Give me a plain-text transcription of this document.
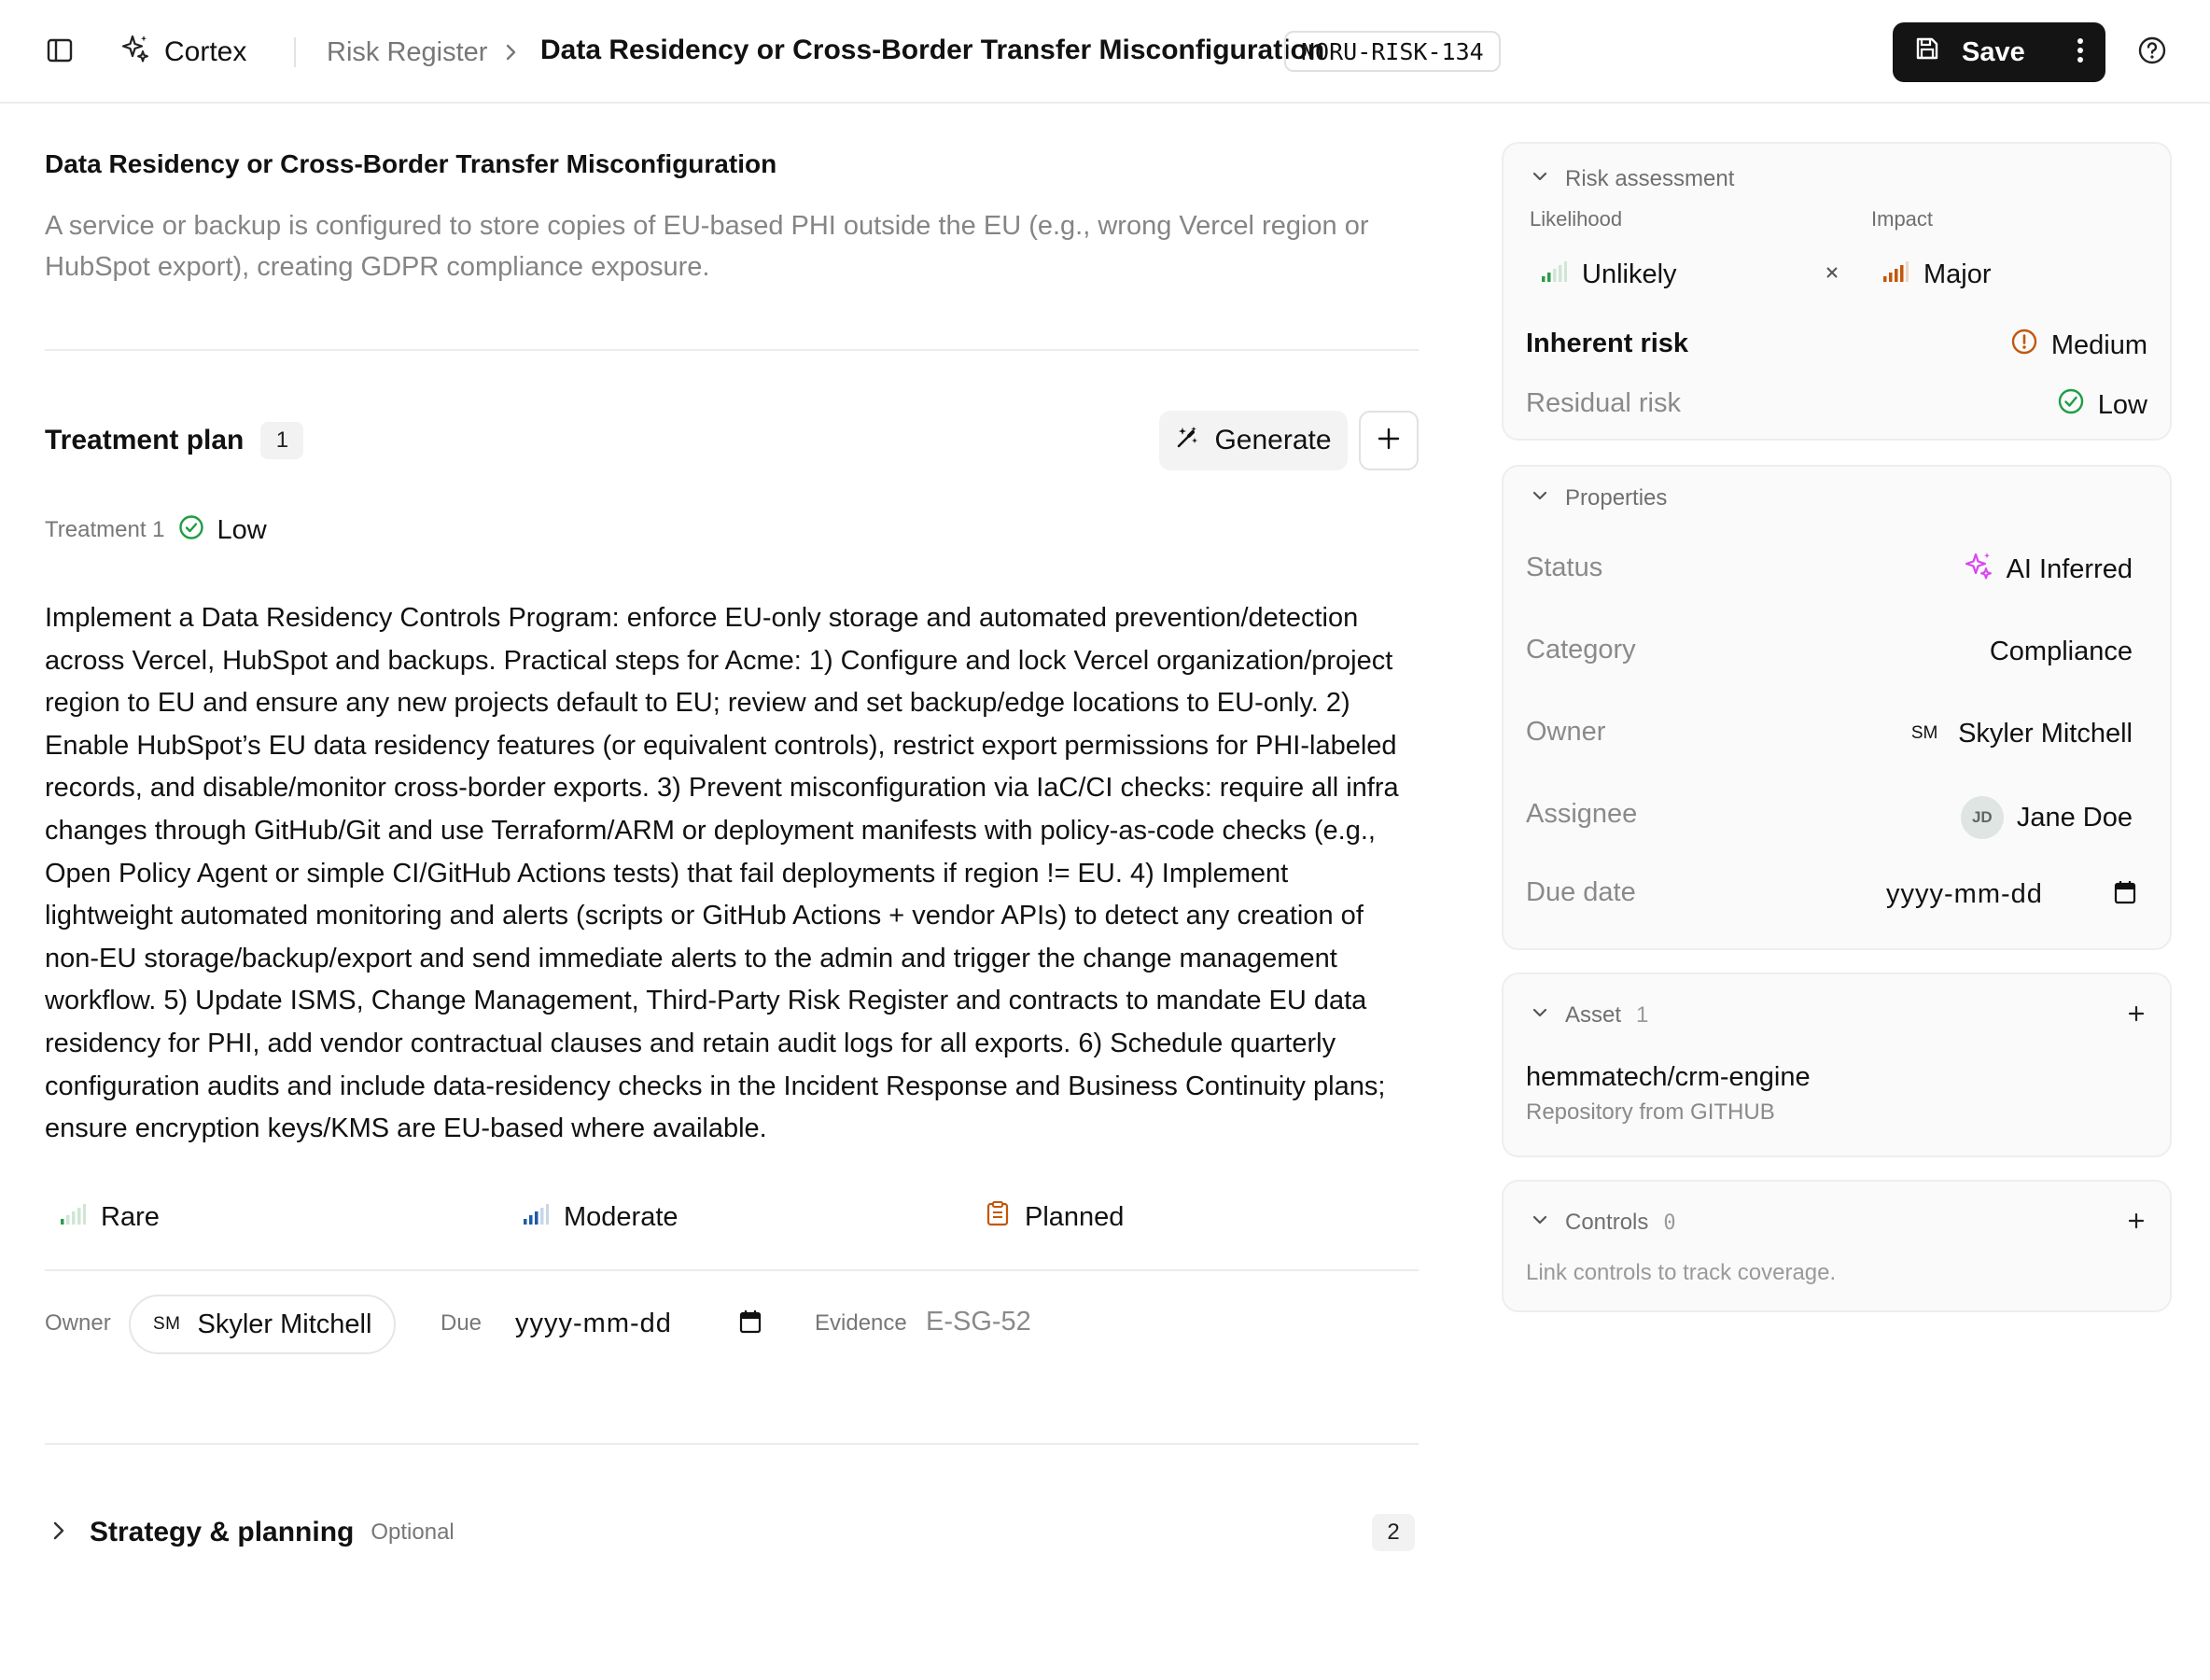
Cortex	Risk Register Data Residency or Cross-Border Transfer Misconfiguration
NORU-RISK-134	Save
Data Residency or Cross-Border Transfer Misconfiguration
A service or backup is configured to store copies of EU-based PHI outside the EU (e.g., wrong Vercel region or HubSpot export), creating GDPR compliance exposure.
Treatment plan	1	Generate
Treatment 1 Low
Implement a Data Residency Controls Program: enforce EU-only storage and automated prevention/detection across Vercel, HubSpot and backups. Practical steps for Acme: 1) Configure and lock Vercel organization/project region to EU and ensure any new projects default to EU; review and set backup/edge locations to EU-only. 2) Enable HubSpot’s EU data residency features (or equivalent controls), restrict export permissions for PHI-labeled records, and disable/monitor cross-border exports. 3) Prevent misconfiguration via IaC/CI checks: require all infra changes through GitHub/Git and use Terraform/ARM or deployment manifests with policy-as-code checks (e.g., Open Policy Agent or simple CI/GitHub Actions tests) that fail deployments if region != EU. 4) Implement lightweight automated monitoring and alerts (scripts or GitHub Actions + vendor APIs) to detect any creation of non-EU storage/backup/export and send immediate alerts to the admin and trigger the change management workflow. 5) Update ISMS, Change Management, Third-Party Risk Register and contracts to mandate EU data residency for PHI, add vendor contractual clauses and retain audit logs for all exports. 6) Schedule quarterly configuration audits and include data-residency checks in the Incident Response and Business Continuity plans; ensure encryption keys/KMS are EU-based where available.
Rare	Moderate	Planned
Owner SM Skyler Mitchell	Due yyyy-mm-dd	Evidence E-SG-52
Strategy & planning Optional	2
Risk assessment
Likelihood	Impact
Unlikely	Major
Inherent risk	Medium
Residual risk	Low
Properties
Status	AI Inferred
Category	Compliance
Owner	SM Skyler Mitchell
Assignee	JD Jane Doe
Due date	yyyy-mm-dd
Asset 1
hemmatech/crm-engine
Repository from GITHUB
Controls 0
Link controls to track coverage.
